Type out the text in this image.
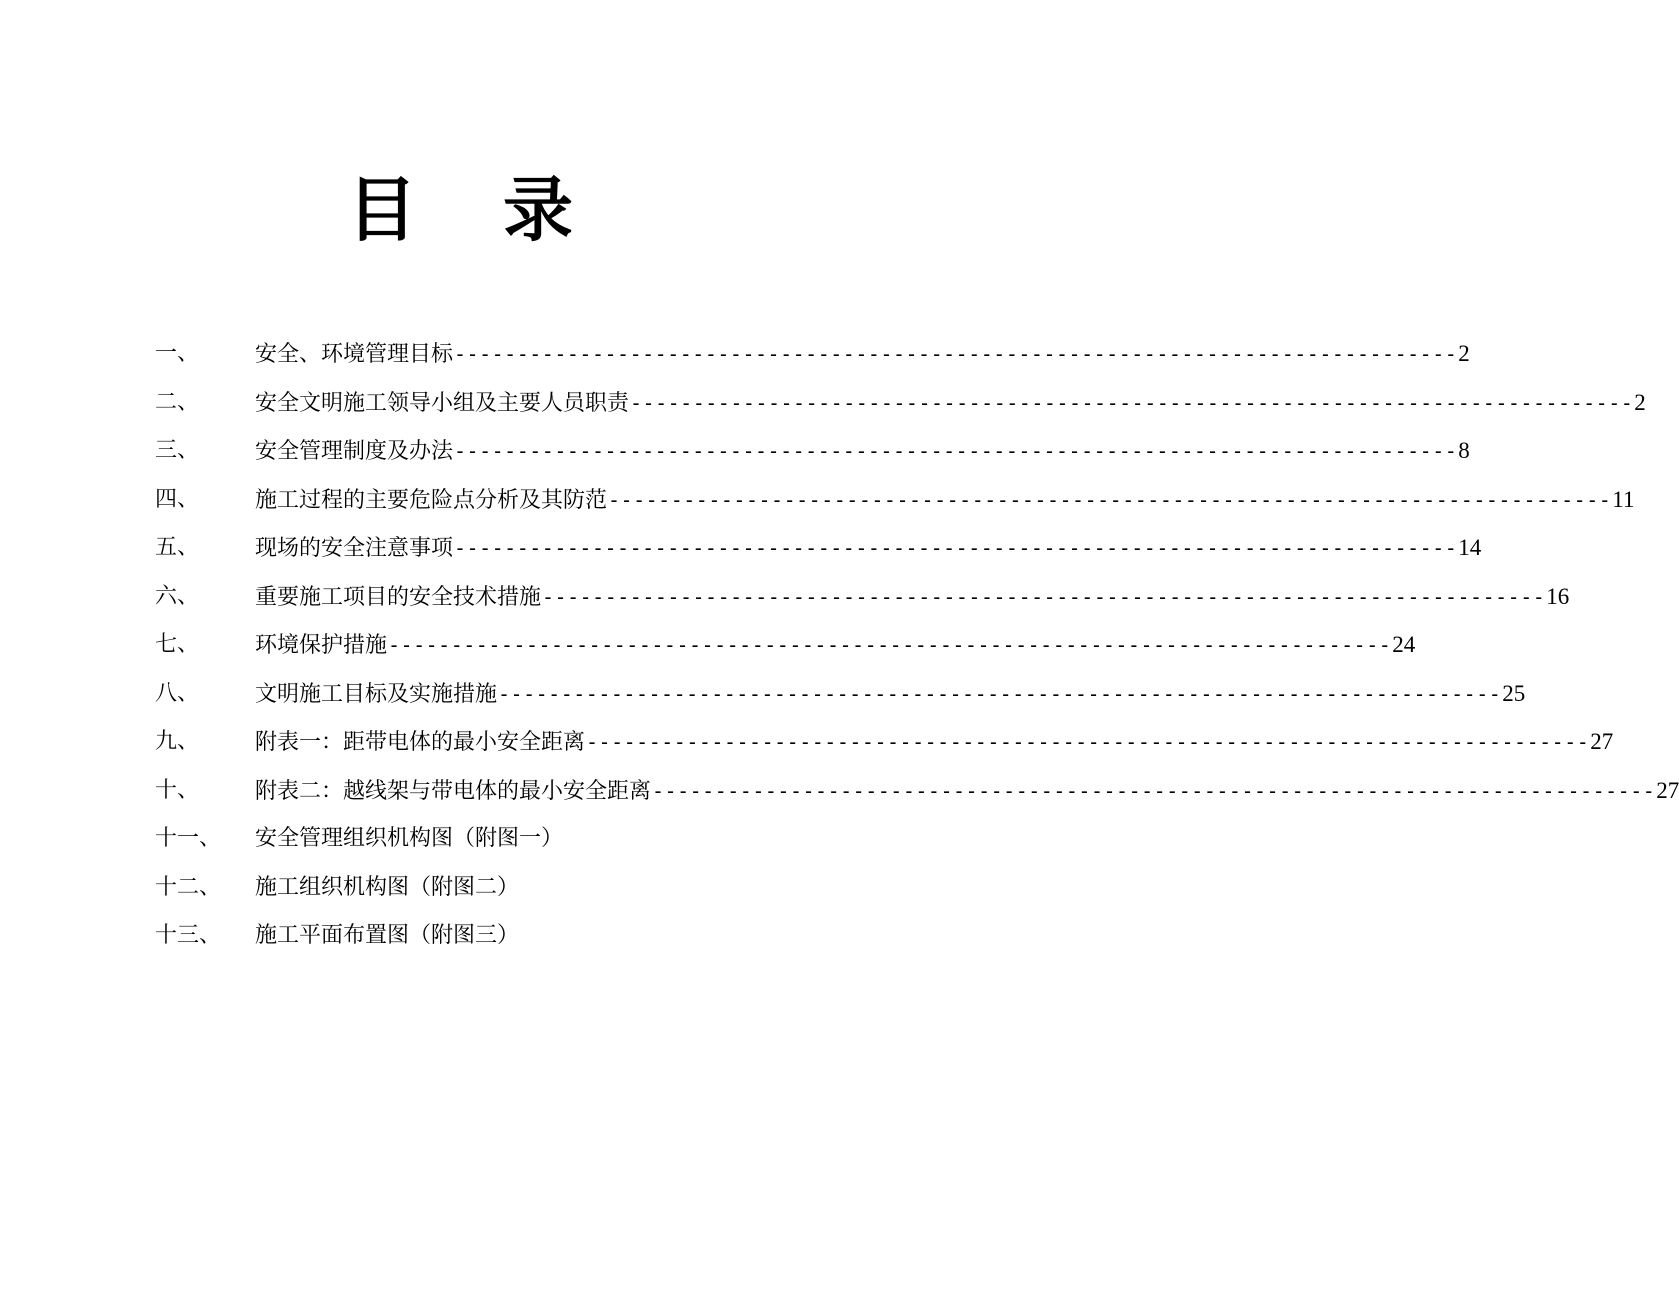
目 录
一、	安全、环境管理目标 -------------------------------------------------------------------------------- 2
二、	安全文明施工领导小组及主要人员职责 -------------------------------------------------------------------------------- 2
三、	安全管理制度及办法 -------------------------------------------------------------------------------- 8
四、	施工过程的主要危险点分析及其防范 -------------------------------------------------------------------------------- 11
五、	现场的安全注意事项 -------------------------------------------------------------------------------- 14
六、	重要施工项目的安全技术措施 -------------------------------------------------------------------------------- 16
七、	环境保护措施 -------------------------------------------------------------------------------- 24
八、	文明施工目标及实施措施 -------------------------------------------------------------------------------- 25
九、	附表一：距带电体的最小安全距离 -------------------------------------------------------------------------------- 27
十、	附表二：越线架与带电体的最小安全距离 -------------------------------------------------------------------------------- 27
十一、 安全管理组织机构图（附图一）
十二、 施工组织机构图（附图二）
十三、 施工平面布置图（附图三）
